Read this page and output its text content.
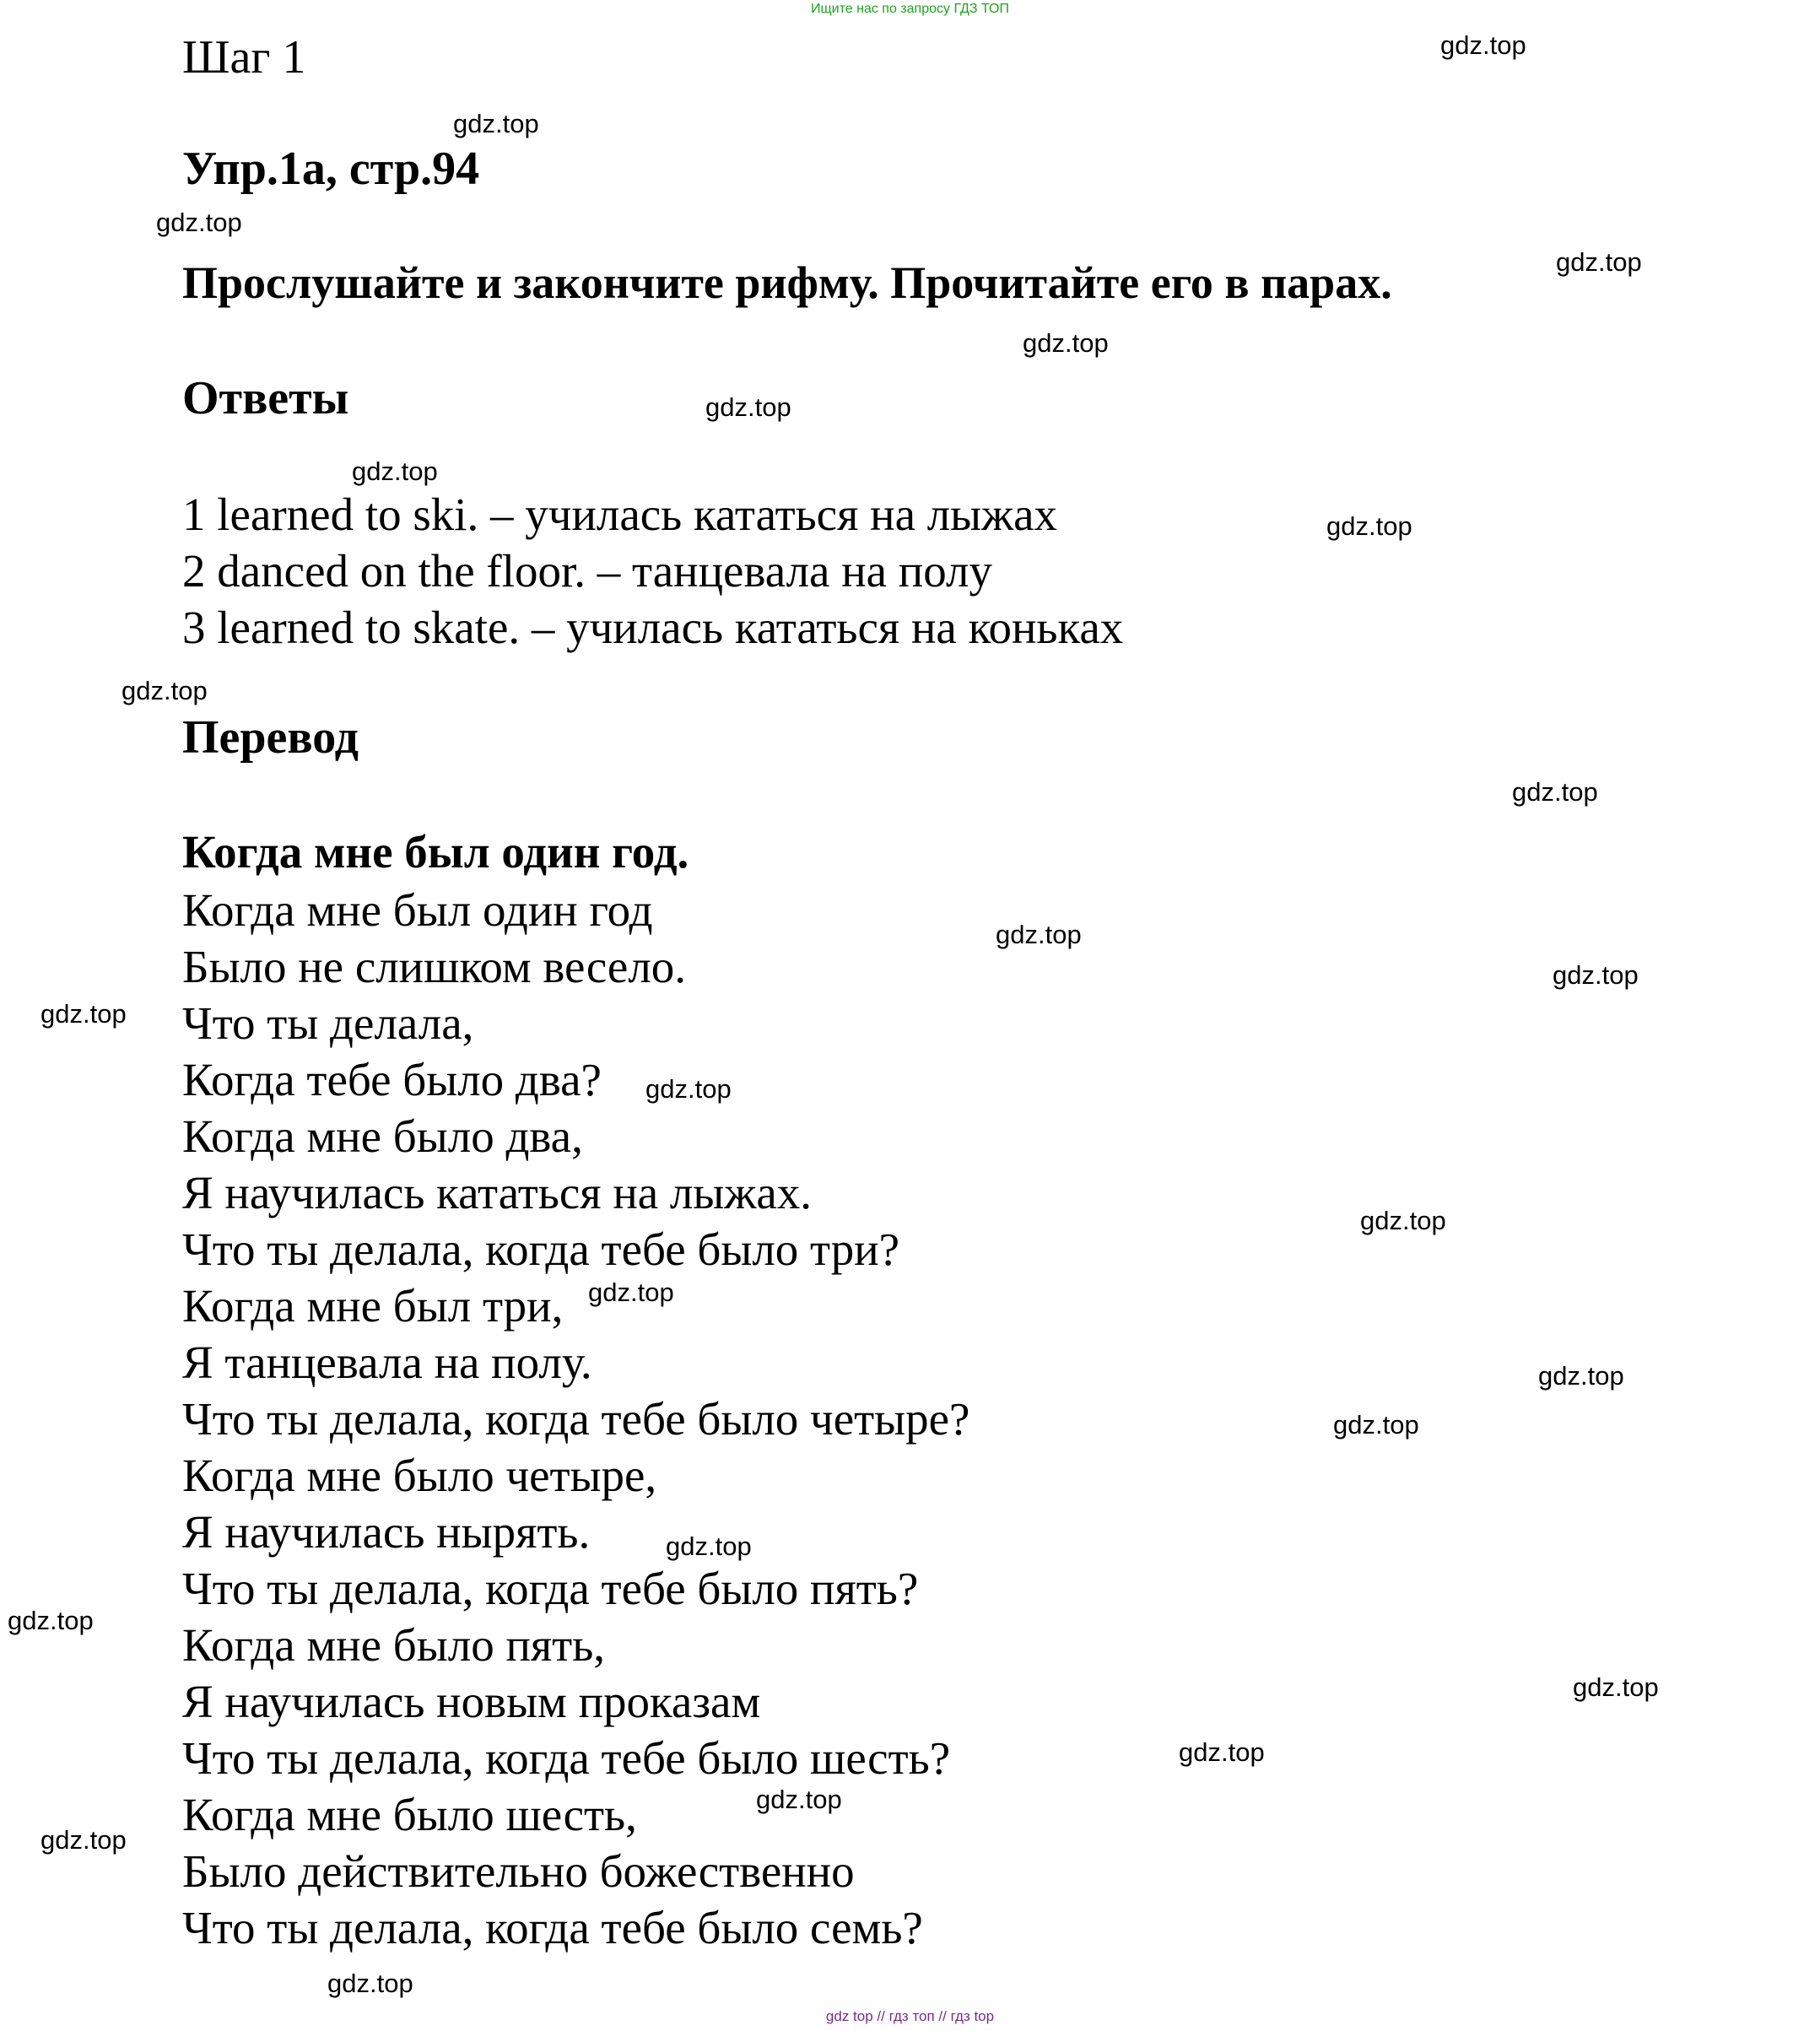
Ищите нас по запросу ГДЗ ТОП
Шаг 1
Упр.1a, стр.94

Прослушайте и закончите рифму. Прочитайте его в парах.

Ответы
1 learned to ski. – училась кататься на лыжах
2 danced on the floor. – танцевала на полу
3 learned to skate. – училась кататься на коньках
Перевод

Когда мне был один год.

Когда мне был один год
Было не слишком весело.
Что ты делала,
Когда тебе было два?
Когда мне было два,
Я научилась кататься на лыжах.
Что ты делала, когда тебе было три?
Когда мне был три,
Я танцевала на полу.
Что ты делала, когда тебе было четыре?
Когда мне было четыре,
Я научилась нырять.
Что ты делала, когда тебе было пять?
Когда мне было пять,
Я научилась новым проказам
Что ты делала, когда тебе было шесть?
Когда мне было шесть,
Было действительно божественно
Что ты делала, когда тебе было семь?
gdz.top
gdz.top
gdz.top
gdz.top
gdz.top
gdz.top
gdz.top
gdz.top
gdz.top
gdz.top
gdz.top
gdz.top
gdz.top
gdz.top
gdz.top
gdz.top
gdz.top
gdz.top
gdz.top
gdz.top
gdz.top
gdz.top
gdz.top
gdz.top
gdz.top
gdz top // гдз топ // гдз top
